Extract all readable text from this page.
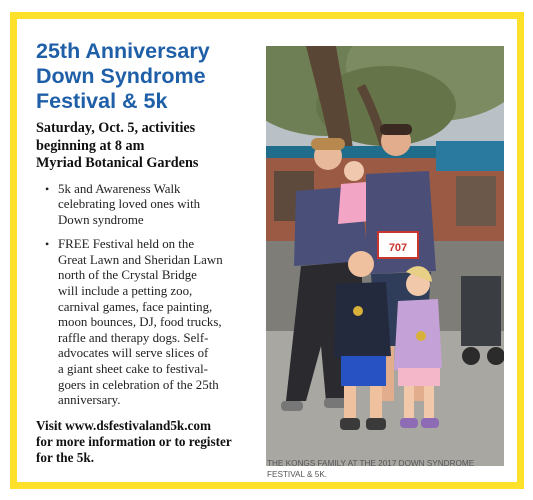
25th Anniversary
Down Syndrome
Festival & 5k
Saturday, Oct. 5, activities
beginning at 8 am
Myriad Botanical Gardens
• 5k and Awareness Walk
celebrating loved ones with
Down syndrome
• FREE Festival held on the
Great Lawn and Sheridan Lawn
north of the Crystal Bridge
will include a petting zoo,
carnival games, face painting,
moon bounces, DJ, food trucks,
raffle and therapy dogs. Self-
advocates will serve slices of
a giant sheet cake to festival-
goers in celebration of the 25th
anniversary.
Visit www.dsfestivaland5k.com
for more information or to register
for the 5k.
707
THE KONGS FAMILY AT THE 2017 DOWN SYNDROME
FESTIVAL & 5K.
